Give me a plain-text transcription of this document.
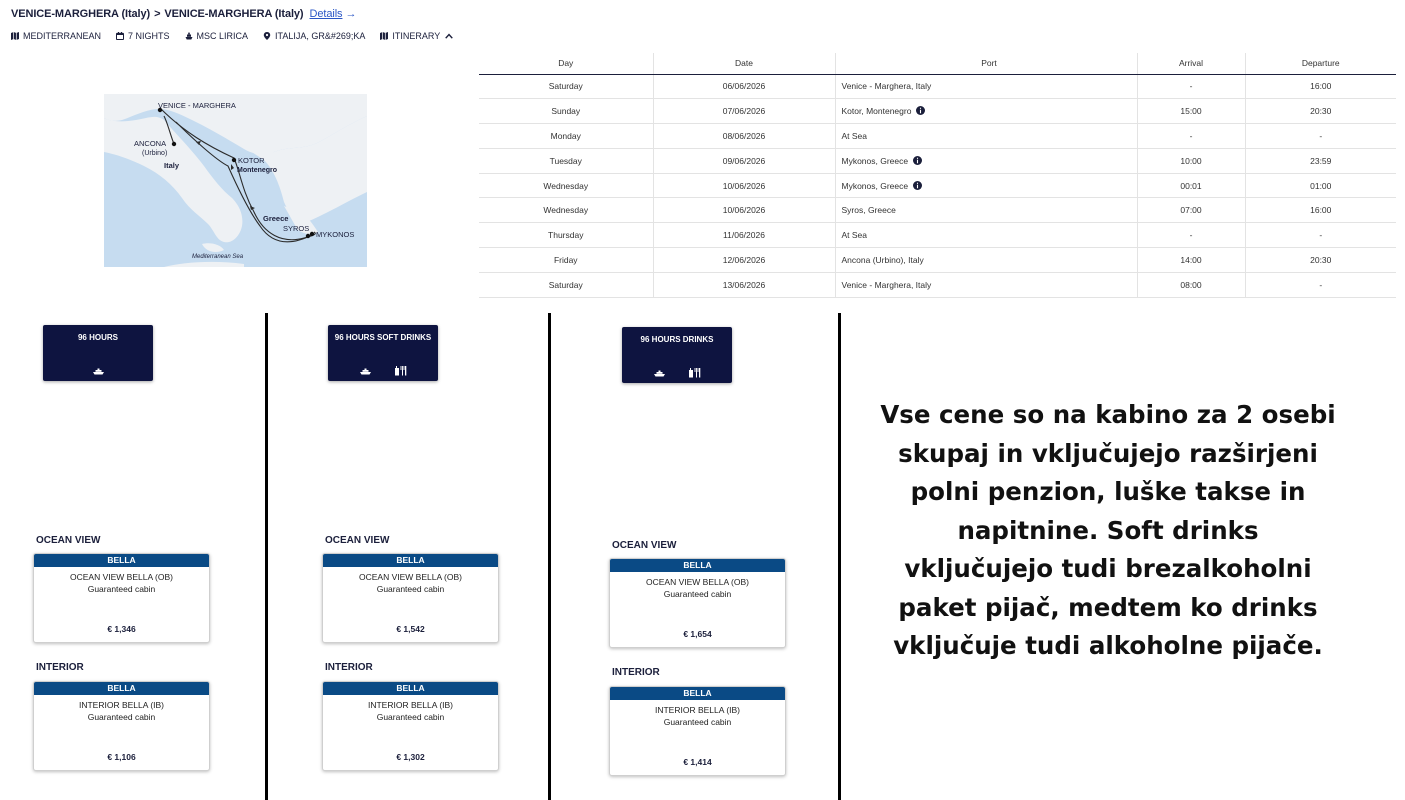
VENICE-MARGHERA (Italy) > VENICE-MARGHERA (Italy) Details →
MEDITERRANEAN	7 NIGHTS	MSC LIRICA	ITALIJA, GR&#269;KA	ITINERARY
VENICE - MARGHERA
ANCONA
(Urbino)
Italy
KOTOR
Montenegro
Greece
SYROS
MYKONOS
Mediterranean Sea
Day	Date	Port	Arrival	Departure
Saturday	06/06/2026	Venice - Marghera, Italy	-	16:00
Sunday	07/06/2026	Kotor, Montenegro	15:00	20:30
Monday	08/06/2026	At Sea	-	-
Tuesday	09/06/2026	Mykonos, Greece	10:00	23:59
Wednesday	10/06/2026	Mykonos, Greece	00:01	01:00
Wednesday	10/06/2026	Syros, Greece	07:00	16:00
Thursday	11/06/2026	At Sea	-	-
Friday	12/06/2026	Ancona (Urbino), Italy	14:00	20:30
Saturday	13/06/2026	Venice - Marghera, Italy	08:00	-
96 HOURS
OCEAN VIEW
BELLA
OCEAN VIEW BELLA (OB)
Guaranteed cabin
€ 1,346
INTERIOR
BELLA
INTERIOR BELLA (IB)
Guaranteed cabin
€ 1,106
96 HOURS SOFT DRINKS
OCEAN VIEW
BELLA
OCEAN VIEW BELLA (OB)
Guaranteed cabin
€ 1,542
INTERIOR
BELLA
INTERIOR BELLA (IB)
Guaranteed cabin
€ 1,302
96 HOURS DRINKS
OCEAN VIEW
BELLA
OCEAN VIEW BELLA (OB)
Guaranteed cabin
€ 1,654
INTERIOR
BELLA
INTERIOR BELLA (IB)
Guaranteed cabin
€ 1,414
Vse cene so na kabino za 2 osebi skupaj in vključujejo razširjeni polni penzion, luške takse in napitnine. Soft drinks vključujejo tudi brezalkoholni paket pijač, medtem ko drinks vključuje tudi alkoholne pijače.
